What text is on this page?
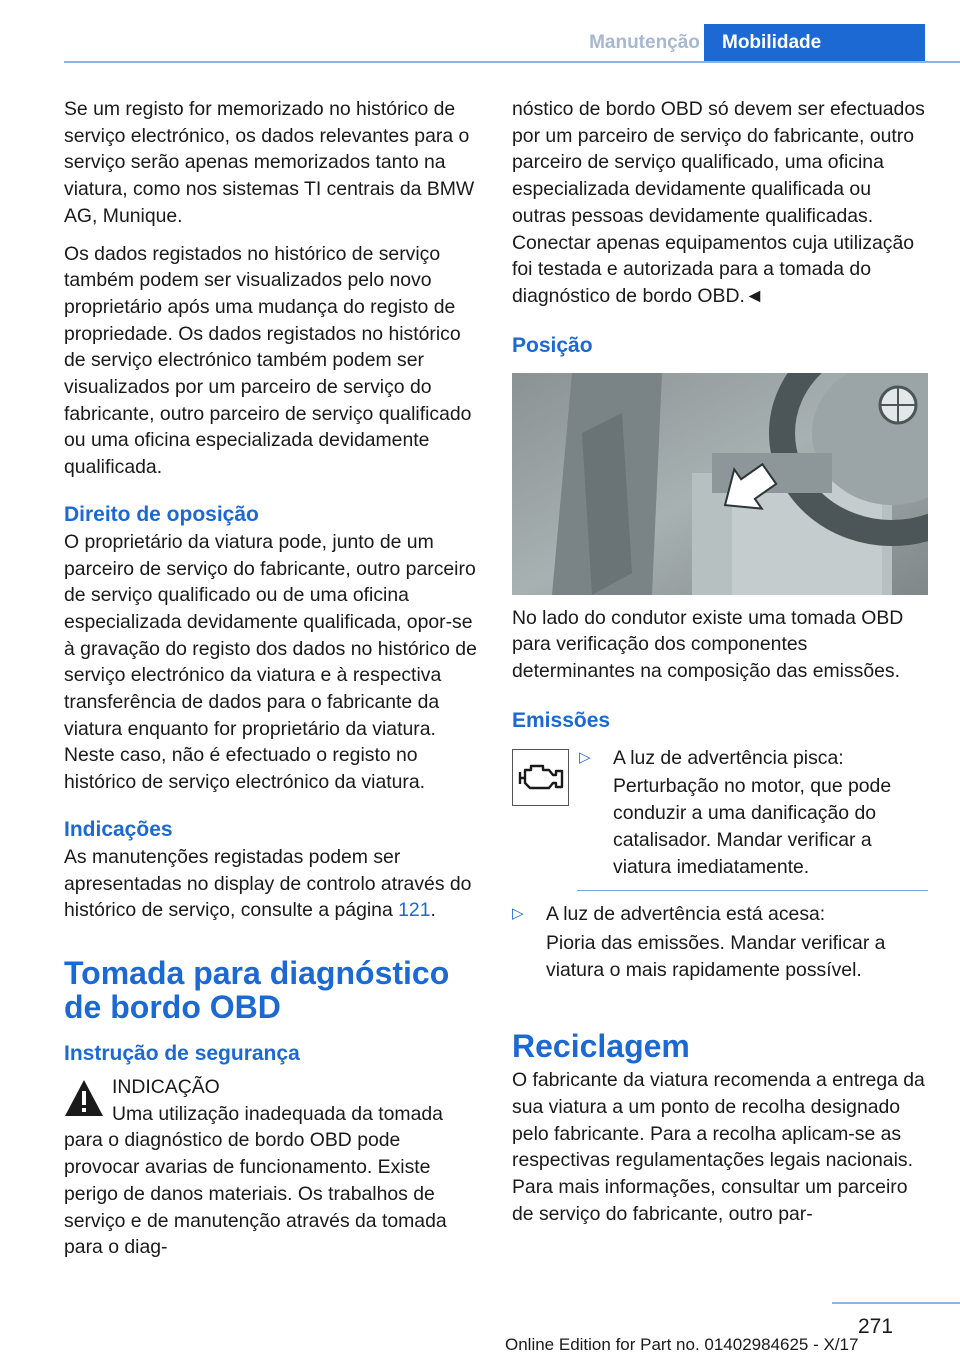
Manutenção	Mobilidade

Se um registo for memorizado no histórico de serviço electrónico, os dados relevantes para o serviço serão apenas memorizados tanto na viatura, como nos sistemas TI centrais da BMW AG, Munique.

Os dados registados no histórico de serviço também podem ser visualizados pelo novo proprietário após uma mudança do registo de propriedade. Os dados registados no histórico de serviço electrónico também podem ser visualizados por um parceiro de serviço do fabricante, outro parceiro de serviço qualificado ou uma oficina especializada devidamente qualificada.

Direito de oposição

O proprietário da viatura pode, junto de um parceiro de serviço do fabricante, outro parceiro de serviço qualificado ou de uma oficina especializada devidamente qualificada, opor-se à gravação do registo dos dados no histórico de serviço electrónico da viatura e à respectiva transferência de dados para o fabricante da viatura enquanto for proprietário da viatura. Neste caso, não é efectuado o registo no histórico de serviço electrónico da viatura.

Indicações

As manutenções registadas podem ser apresentadas no display de controlo através do histórico de serviço, consulte a página 121.

Tomada para diagnóstico de bordo OBD
Instrução de segurança
INDICAÇÃO
Uma utilização inadequada da tomada para o diagnóstico de bordo OBD pode provocar avarias de funcionamento. Existe perigo de danos materiais. Os trabalhos de serviço e de manutenção através da tomada para o diag-

nóstico de bordo OBD só devem ser efectuados por um parceiro de serviço do fabricante, outro parceiro de serviço qualificado, uma oficina especializada devidamente qualificada ou outras pessoas devidamente qualificadas. Conectar apenas equipamentos cuja utilização foi testada e autorizada para a tomada do diagnóstico de bordo OBD.◄

Posição

No lado do condutor existe uma tomada OBD para verificação dos componentes determinantes na composição das emissões.

Emissões
▷	A luz de advertência pisca:

Perturbação no motor, que pode conduzir a uma danificação do catalisador. Mandar verificar a viatura imediatamente.

▷	A luz de advertência está acesa:

Pioria das emissões. Mandar verificar a viatura o mais rapidamente possível.

Reciclagem

O fabricante da viatura recomenda a entrega da sua viatura a um ponto de recolha designado pelo fabricante. Para a recolha aplicam-se as respectivas regulamentações legais nacionais. Para mais informações, consultar um parceiro de serviço do fabricante, outro par-

271
Online Edition for Part no. 01402984625 - X/17
